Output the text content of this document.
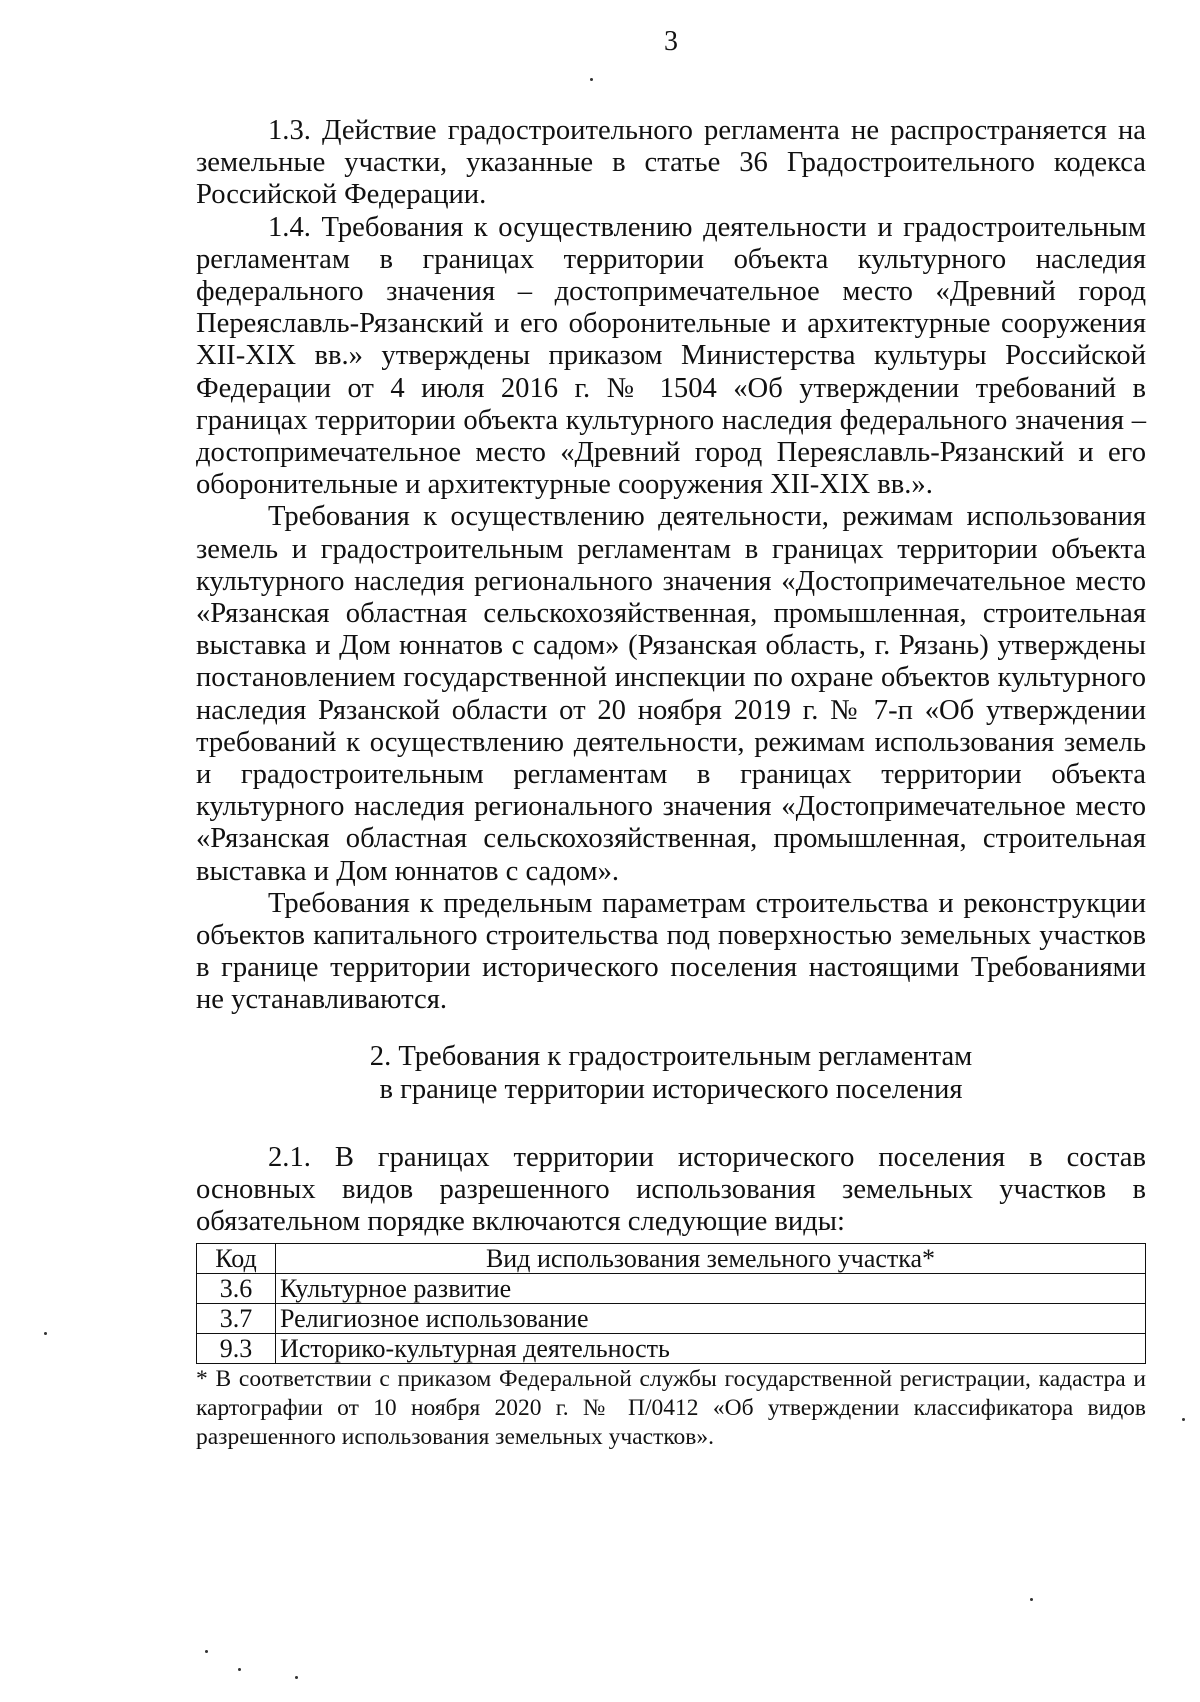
3

1.3. Действие градостроительного регламента не распространяется на земельные участки, указанные в статье 36 Градостроительного кодекса Российской Федерации.

1.4. Требования к осуществлению деятельности и градостроительным регламентам в границах территории объекта культурного наследия федерального значения – достопримечательное место «Древний город Переяславль-Рязанский и его оборонительные и архитектурные сооружения XII-XIX вв.» утверждены приказом Министерства культуры Российской Федерации от 4 июля 2016 г. № 1504 «Об утверждении требований в границах территории объекта культурного наследия федерального значения – достопримечательное место «Древний город Переяславль-Рязанский и его оборонительные и архитектурные сооружения XII-XIX вв.».

Требования к осуществлению деятельности, режимам использования земель и градостроительным регламентам в границах территории объекта культурного наследия регионального значения «Достопримечательное место «Рязанская областная сельскохозяйственная, промышленная, строительная выставка и Дом юннатов с садом» (Рязанская область, г. Рязань) утверждены постановлением государственной инспекции по охране объектов культурного наследия Рязанской области от 20 ноября 2019 г. № 7-п «Об утверждении требований к осуществлению деятельности, режимам использования земель и градостроительным регламентам в границах территории объекта культурного наследия регионального значения «Достопримечательное место «Рязанская областная сельскохозяйственная, промышленная, строительная выставка и Дом юннатов с садом».

Требования к предельным параметрам строительства и реконструкции объектов капитального строительства под поверхностью земельных участков в границе территории исторического поселения настоящими Требованиями не устанавливаются.

2. Требования к градостроительным регламентам
в границе территории исторического поселения

2.1. В границах территории исторического поселения в состав основных видов разрешенного использования земельных участков в обязательном порядке включаются следующие виды:

Код	Вид использования земельного участка*
3.6	Культурное развитие
3.7	Религиозное использование
9.3	Историко-культурная деятельность

* В соответствии с приказом Федеральной службы государственной регистрации, кадастра и картографии от 10 ноября 2020 г. № П/0412 «Об утверждении классификатора видов разрешенного использования земельных участков».
